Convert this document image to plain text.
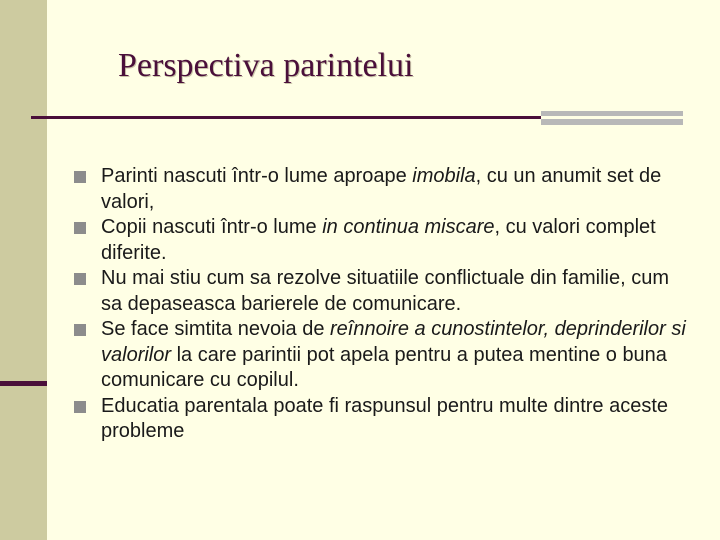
Perspectiva parintelui
Parinti nascuti într-o lume aproape imobila, cu un anumit set de valori,
Copii nascuti într-o lume in continua miscare, cu valori complet diferite.
Nu mai stiu cum sa rezolve situatiile conflictuale din familie, cum sa depaseasca barierele de comunicare.
Se face simtita nevoia de reînnoire a cunostintelor, deprinderilor si valorilor la care parintii pot apela pentru a putea mentine o buna comunicare cu copilul.
Educatia parentala poate fi raspunsul pentru multe dintre aceste probleme
